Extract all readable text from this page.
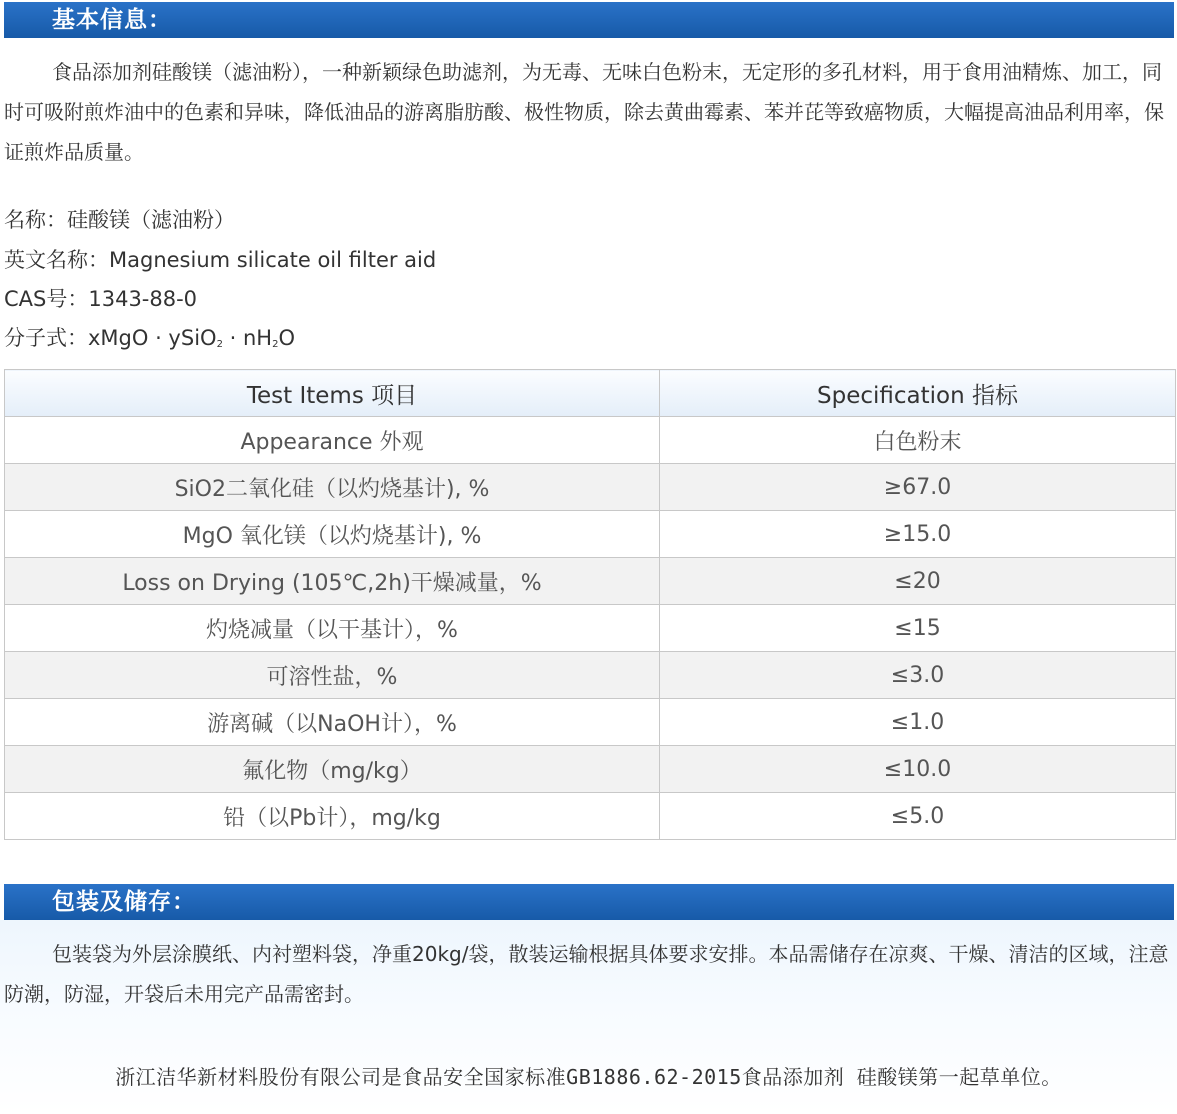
基本信息：

食品添加剂硅酸镁（滤油粉），一种新颖绿色助滤剂，为无毒、无味白色粉末，无定形的多孔材料，用于食用油精炼、加工，同时可吸附煎炸油中的色素和异味，降低油品的游离脂肪酸、极性物质，除去黄曲霉素、苯并芘等致癌物质，大幅提高油品利用率，保证煎炸品质量。

名称：硅酸镁（滤油粉）
英文名称：Magnesium silicate oil filter aid
CAS号：1343-88-0
分子式：xMgO · ySiO2 · nH2O
Test Items 项目	Specification 指标
Appearance 外观	白色粉末
SiO2二氧化硅（以灼烧基计), %	≥67.0
MgO 氧化镁（以灼烧基计), %	≥15.0
Loss on Drying (105℃,2h)干燥减量，%	≤20
灼烧减量（以干基计），%	≤15
可溶性盐，%	≤3.0
游离碱（以NaOH计），%	≤1.0
氟化物（mg/kg）	≤10.0
铅（以Pb计），mg/kg	≤5.0
包装及储存：

包装袋为外层涂膜纸、内衬塑料袋，净重20kg/袋，散装运输根据具体要求安排。本品需储存在凉爽、干燥、清洁的区域，注意防潮，防湿，开袋后未用完产品需密封。

浙江洁华新材料股份有限公司是食品安全国家标准GB1886.62-2015食品添加剂 硅酸镁第一起草单位。
